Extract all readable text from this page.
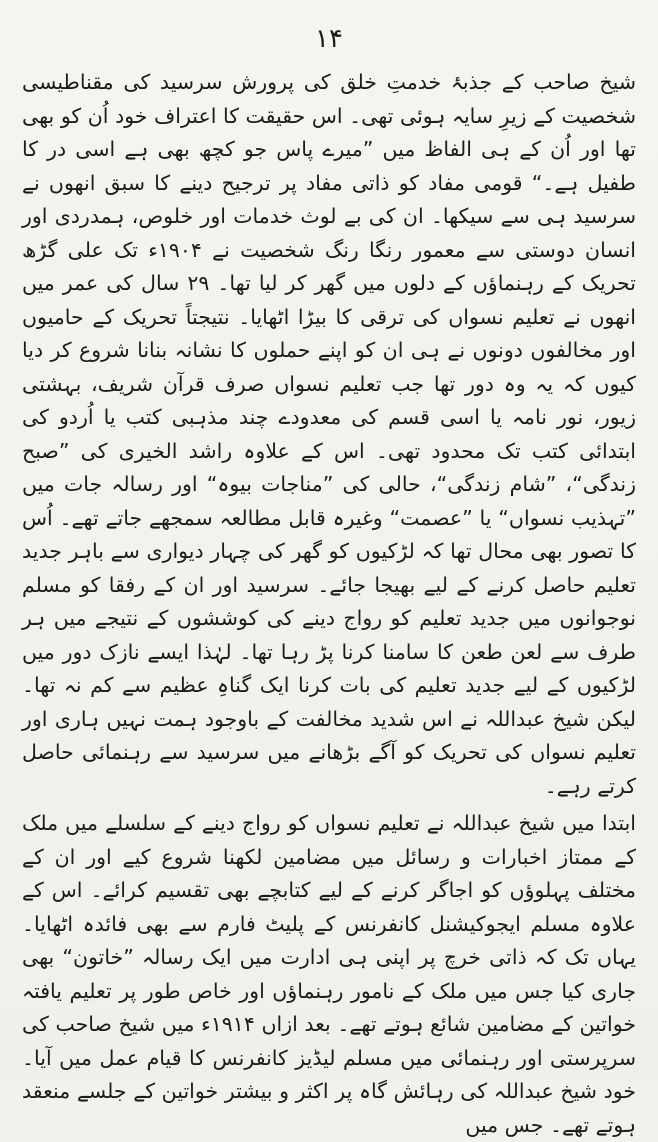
۱۴

شیخ صاحب کے جذبۂ خدمتِ خلق کی پرورش سرسید کی مقناطیسی شخصیت کے زیرِ سایہ ہوئی تھی۔ اس حقیقت کا اعتراف خود اُن کو بھی تھا اور اُن کے ہی الفاظ میں ”میرے پاس جو کچھ بھی ہے اسی در کا طفیل ہے۔“ قومی مفاد کو ذاتی مفاد پر ترجیح دینے کا سبق انھوں نے سرسید ہی سے سیکھا۔ ان کی بے لوث خدمات اور خلوص، ہمدردی اور انسان دوستی سے معمور رنگا رنگ شخصیت نے ۱۹۰۴ء تک علی گڑھ تحریک کے رہنماؤں کے دلوں میں گھر کر لیا تھا۔ ۲۹ سال کی عمر میں انھوں نے تعلیم نسواں کی ترقی کا بیڑا اٹھایا۔ نتیجتاً تحریک کے حامیوں اور مخالفوں دونوں نے ہی ان کو اپنے حملوں کا نشانہ بنانا شروع کر دیا کیوں کہ یہ وہ دور تھا جب تعلیم نسواں صرف قرآن شریف، بہشتی زیور، نور نامہ یا اسی قسم کی معدودے چند مذہبی کتب یا اُردو کی ابتدائی کتب تک محدود تھی۔ اس کے علاوہ راشد الخیری کی ”صبح زندگی“، ”شام زندگی“، حالی کی ”مناجات بیوہ“ اور رسالہ جات میں ”تہذیب نسواں“ یا ”عصمت“ وغیرہ قابل مطالعہ سمجھے جاتے تھے۔ اُس کا تصور بھی محال تھا کہ لڑکیوں کو گھر کی چہار دیواری سے باہر جدید تعلیم حاصل کرنے کے لیے بھیجا جائے۔ سرسید اور ان کے رفقا کو مسلم نوجوانوں میں جدید تعلیم کو رواج دینے کی کوششوں کے نتیجے میں ہر طرف سے لعن طعن کا سامنا کرنا پڑ رہا تھا۔ لہٰذا ایسے نازک دور میں لڑکیوں کے لیے جدید تعلیم کی بات کرنا ایک گناہِ عظیم سے کم نہ تھا۔ لیکن شیخ عبداللہ نے اس شدید مخالفت کے باوجود ہمت نہیں ہاری اور تعلیم نسواں کی تحریک کو آگے بڑھانے میں سرسید سے رہنمائی حاصل کرتے رہے۔

ابتدا میں شیخ عبداللہ نے تعلیم نسواں کو رواج دینے کے سلسلے میں ملک کے ممتاز اخبارات و رسائل میں مضامین لکھنا شروع کیے اور ان کے مختلف پہلوؤں کو اجاگر کرنے کے لیے کتابچے بھی تقسیم کرائے۔ اس کے علاوہ مسلم ایجوکیشنل کانفرنس کے پلیٹ فارم سے بھی فائدہ اٹھایا۔ یہاں تک کہ ذاتی خرچ پر اپنی ہی ادارت میں ایک رسالہ ”خاتون“ بھی جاری کیا جس میں ملک کے نامور رہنماؤں اور خاص طور پر تعلیم یافتہ خواتین کے مضامین شائع ہوتے تھے۔ بعد ازاں ۱۹۱۴ء میں شیخ صاحب کی سرپرستی اور رہنمائی میں مسلم لیڈیز کانفرنس کا قیام عمل میں آیا۔ خود شیخ عبداللہ کی رہائش گاہ پر اکثر و بیشتر خواتین کے جلسے منعقد ہوتے تھے۔ جس میں
